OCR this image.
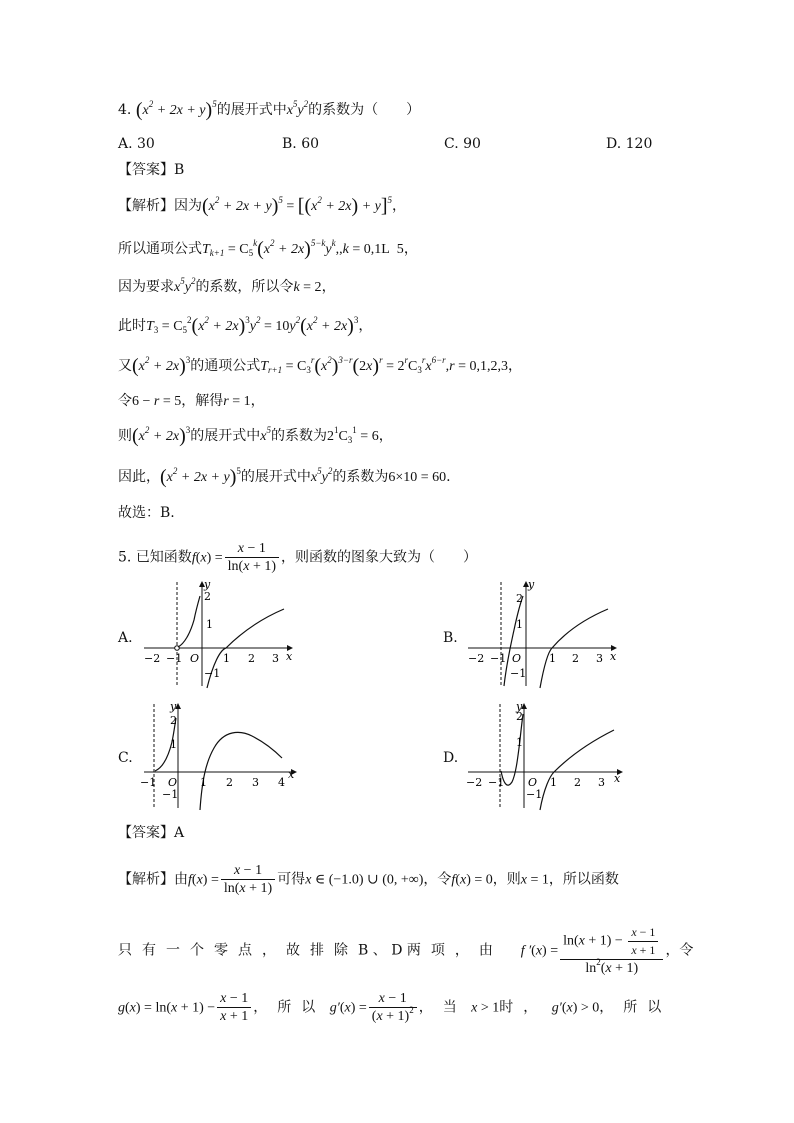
4. $(x^2 + 2x + y)^5$的展开式中$x^5y^2$的系数为（　　）
A. 30	B. 60	C. 90	D. 120
【答案】B
【解析】因为$(x^2 + 2x + y)^5 = [(x^2 + 2x) + y]^5$，
所以通项公式$T_{k+1} = C_5^k(x^2 + 2x)^{5-k}y^k,,k = 0,1L$  5，
因为要求$x^5y^2$的系数，所以令k = 2，
此时$T_3 = C_5^2(x^2 + 2x)^3y^2 = 10y^2(x^2 + 2x)^3$，
又$(x^2 + 2x)^3$的通项公式$T_{r+1} = C_3^r(x^2)^{3-r}(2x)^r = 2^rC_3^rx^{6-r},r = 0,1,2,3$，
令6 − r = 5，解得r = 1，
则$(x^2 + 2x)^3$的展开式中$x^5$的系数为$2^1C_3^1 = 6$，
因此，$(x^2 + 2x + y)^5$的展开式中$x^5y^2$的系数为6×10 = 60.
故选：B.
5. 已知函数$f(x) = \frac{x - 1}{\ln(x + 1)}$ ，则函数的图象大致为（　　）
A.
x
y
O
−2 −1	1 2 3
2
1
−1
B.
x
y
O
−2 −1	1 2 3
2
1
−1
C.
x
y
O
−1	1 2 3 4
2
1
−1
D.
x
y
O
−2 −1	1 2 3
2
1
−1
【答案】A
【解析】由$f(x) = \frac{x - 1}{\ln(x + 1)}$ 可得x ∈ (−1.0) ∪ (0, +∞)，令f(x) = 0，则x = 1，所以函数
只有一个零点，故排除B 、 D 两项，由 f $'(x) = \frac{\ln(x + 1) - \frac{x - 1}{x + 1}}{\ln^2(x + 1)}$ ，令
$g(x) = \ln(x + 1) - \frac{x - 1}{x + 1}$ ，所以 $g'(x) = \frac{x - 1}{(x + 1)^2}$ ，当 x > 1时， g′(x) > 0，所以
